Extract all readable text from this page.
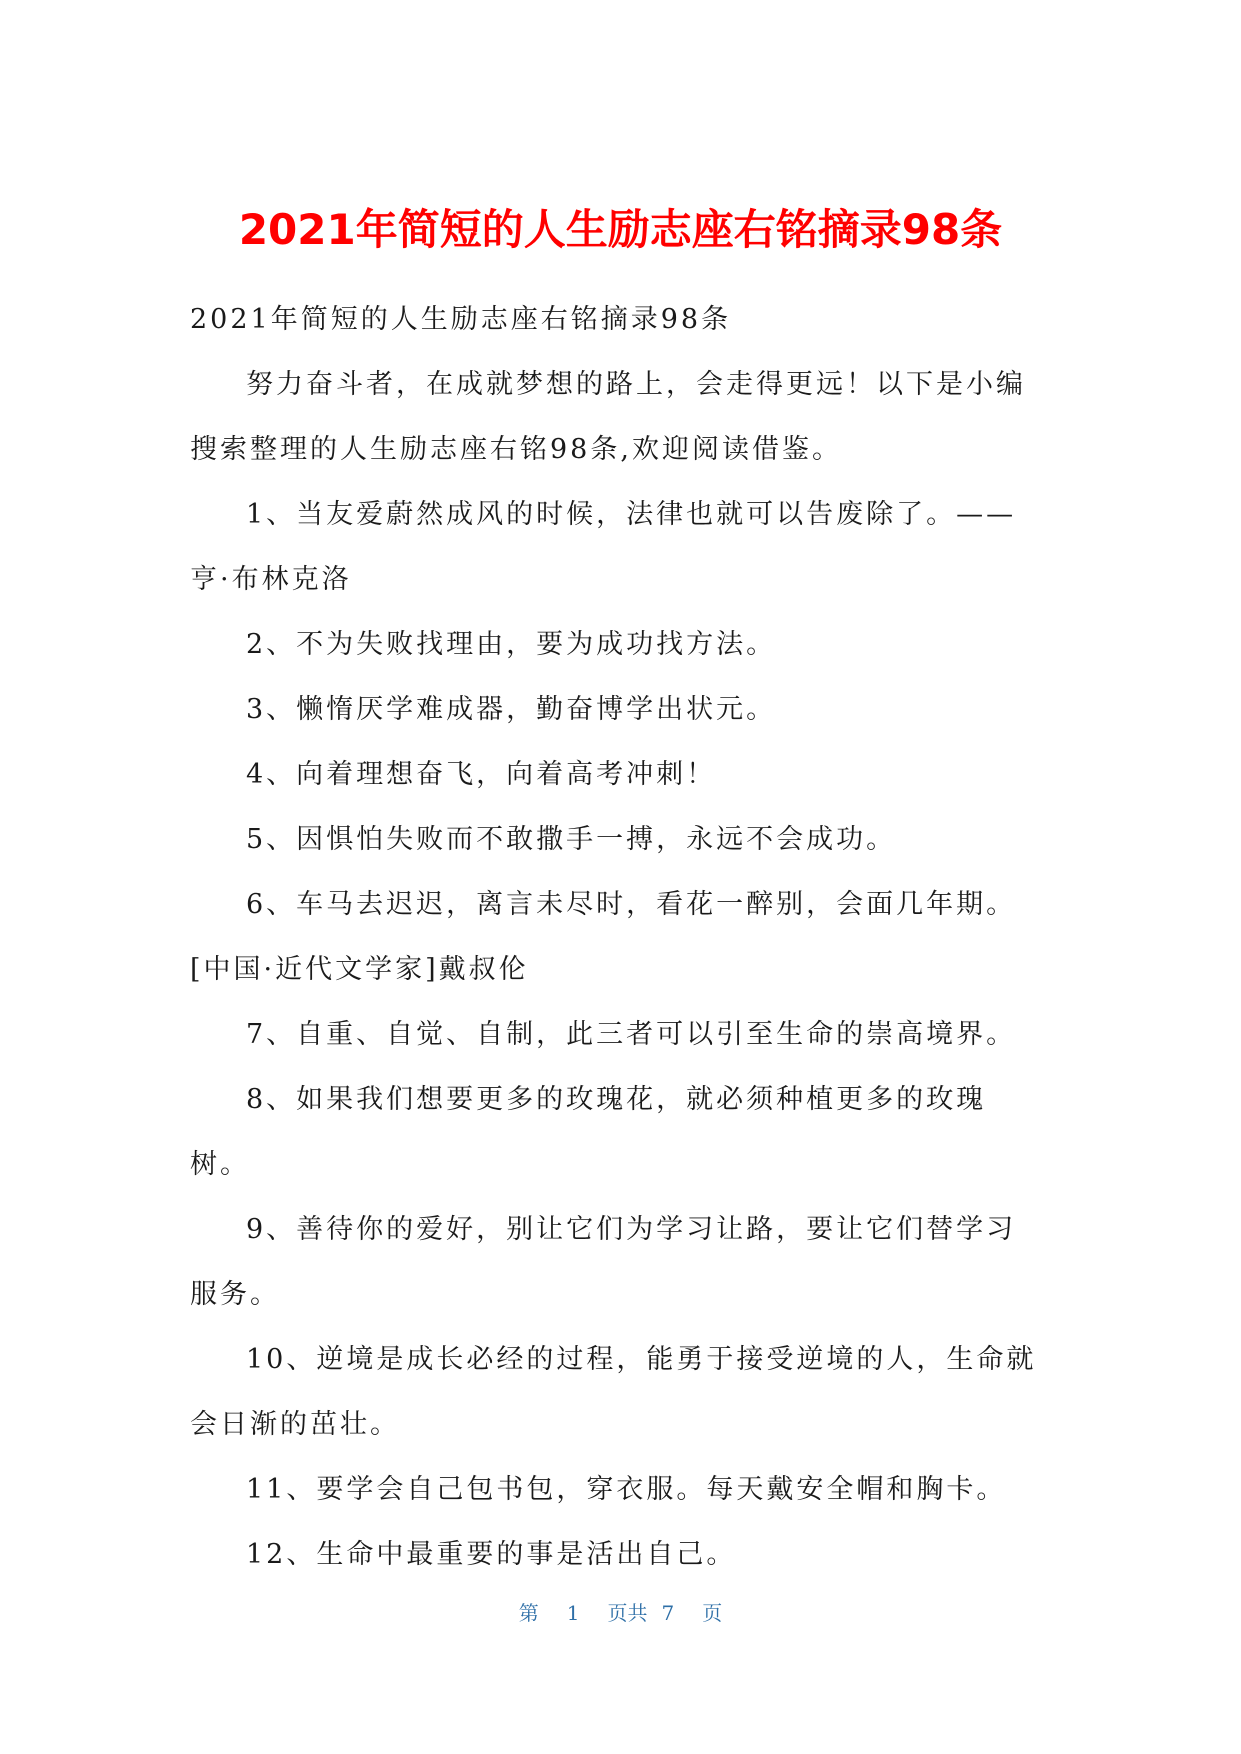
2021年简短的人生励志座右铭摘录98条

2021年简短的人生励志座右铭摘录98条

努力奋斗者，在成就梦想的路上，会走得更远！以下是小编搜索整理的人生励志座右铭98条,欢迎阅读借鉴。

1、当友爱蔚然成风的时候，法律也就可以告废除了。——亨·布林克洛

2、不为失败找理由，要为成功找方法。

3、懒惰厌学难成器，勤奋博学出状元。

4、向着理想奋飞，向着高考冲刺！

5、因惧怕失败而不敢撒手一搏，永远不会成功。

6、车马去迟迟，离言未尽时，看花一醉别，会面几年期。[中国·近代文学家]戴叔伦

7、自重、自觉、自制，此三者可以引至生命的崇高境界。

8、如果我们想要更多的玫瑰花，就必须种植更多的玫瑰树。

9、善待你的爱好，别让它们为学习让路，要让它们替学习服务。

10、逆境是成长必经的过程，能勇于接受逆境的人，生命就会日渐的茁壮。

11、要学会自己包书包，穿衣服。每天戴安全帽和胸卡。

12、生命中最重要的事是活出自己。

第 1 页共 7 页
